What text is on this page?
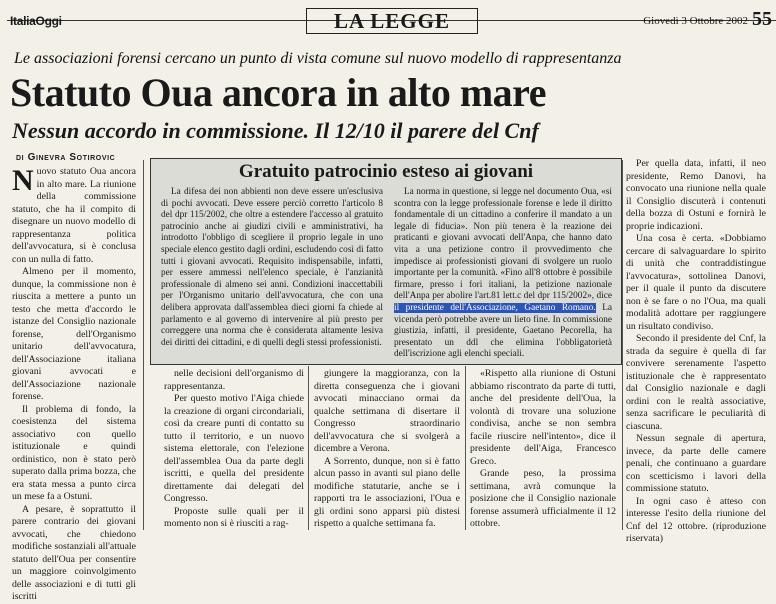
ItaliaOggi	LA LEGGE	Giovedì 3 Ottobre 2002 55
Le associazioni forensi cercano un punto di vista comune sul nuovo modello di rappresentanza
Statuto Oua ancora in alto mare
Nessun accordo in commissione. Il 12/10 il parere del Cnf
di Ginevra Sotirovic

Nuovo statuto Oua ancora in alto mare. La riunione della commissione statuto, che ha il compito di disegnare un nuovo modello di rappresentanza politica dell'avvocatura, si è conclusa con un nulla di fatto.

Almeno per il momento, dunque, la commissione non è riuscita a mettere a punto un testo che metta d'accordo le istanze del Consiglio nazionale forense, dell'Organismo unitario dell'avvocatura, dell'Associazione italiana giovani avvocati e dell'Associazione nazionale forense.

Il problema di fondo, la coesistenza del sistema associativo con quello istituzionale e quindi ordinistico, non è stato però superato dalla prima bozza, che era stata messa a punto circa un mese fa a Ostuni.

A pesare, è soprattutto il parere contrario dei giovani avvocati, che chiedono modifiche sostanziali all'attuale statuto dell'Oua per consentire un maggiore coinvolgimento delle associazioni e di tutti gli iscritti

Gratuito patrocinio esteso ai giovani

La difesa dei non abbienti non deve essere un'esclusiva di pochi avvocati. Deve essere perciò corretto l'articolo 8 del dpr 115/2002, che oltre a estendere l'accesso al gratuito patrocinio anche ai giudizi civili e amministrativi, ha introdotto l'obbligo di scegliere il proprio legale in uno speciale elenco gestito dagli ordini, escludendo così di fatto tutti i giovani avvocati. Requisito indispensabile, infatti, per essere ammessi nell'elenco speciale, è l'anzianità professionale di almeno sei anni. Condizioni inaccettabili per l'Organismo unitario dell'avvocatura, che con una delibera approvata dall'assemblea dieci giorni fa chiede al parlamento e al governo di intervenire al più presto per correggere una norma che è considerata altamente lesiva dei diritti dei cittadini, e di quelli degli stessi professionisti.

La norma in questione, si legge nel documento Oua, «si scontra con la legge professionale forense e lede il diritto fondamentale di un cittadino a conferire il mandato a un legale di fiducia». Non più tenera è la reazione dei praticanti e giovani avvocati dell'Anpa, che hanno dato vita a una petizione contro il provvedimento che impedisce ai professionisti giovani di svolgere un ruolo importante per la comunità. «Fino all'8 ottobre è possibile firmare, presso i fori italiani, la petizione nazionale dell'Anpa per abolire l'art.81 lett.c del dpr 115/2002», dice il presidente dell'Associazione, Gaetano Romano. La vicenda però potrebbe avere un lieto fine. In commissione giustizia, infatti, il presidente, Gaetano Pecorella, ha presentato un ddl che elimina l'obbligatorietà dell'iscrizione agli elenchi speciali.

nelle decisioni dell'organismo di rappresentanza.

Per questo motivo l'Aiga chiede la creazione di organi circondariali, così da creare punti di contatto su tutto il territorio, e un nuovo sistema elettorale, con l'elezione dell'assemblea Oua da parte degli iscritti, e quella del presidente direttamente dai delegati del Congresso.

Proposte sulle quali per il momento non si è riusciti a rag-

giungere la maggioranza, con la diretta conseguenza che i giovani avvocati minacciano ormai da qualche settimana di disertare il Congresso straordinario dell'avvocatura che si svolgerà a dicembre a Verona.

A Sorrento, dunque, non si è fatto alcun passo in avanti sul piano delle modifiche statutarie, anche se i rapporti tra le associazioni, l'Oua e gli ordini sono apparsi più distesi rispetto a qualche settimana fa.

«Rispetto alla riunione di Ostuni abbiamo riscontrato da parte di tutti, anche del presidente dell'Oua, la volontà di trovare una soluzione condivisa, anche se non sembra facile riuscire nell'intento», dice il presidente dell'Aiga, Francesco Greco.

Grande peso, la prossima settimana, avrà comunque la posizione che il Consiglio nazionale forense assumerà ufficialmente il 12 ottobre.

Per quella data, infatti, il neo presidente, Remo Danovi, ha convocato una riunione nella quale il Consiglio discuterà i contenuti della bozza di Ostuni e fornirà le proprie indicazioni.

Una cosa è certa. «Dobbiamo cercare di salvaguardare lo spirito di unità che contraddistingue l'avvocatura», sottolinea Danovi, per il quale il punto da discutere non è se fare o no l'Oua, ma quali modalità adottare per raggiungere un risultato condiviso.

Secondo il presidente del Cnf, la strada da seguire è quella di far convivere serenamente l'aspetto istituzionale che è rappresentato dal Consiglio nazionale e dagli ordini con le realtà associative, senza sacrificare le peculiarità di ciascuna.

Nessun segnale di apertura, invece, da parte delle camere penali, che continuano a guardare con scetticismo i lavori della commissione statuto.

In ogni caso è atteso con interesse l'esito della riunione del Cnf del 12 ottobre. (riproduzione riservata)
